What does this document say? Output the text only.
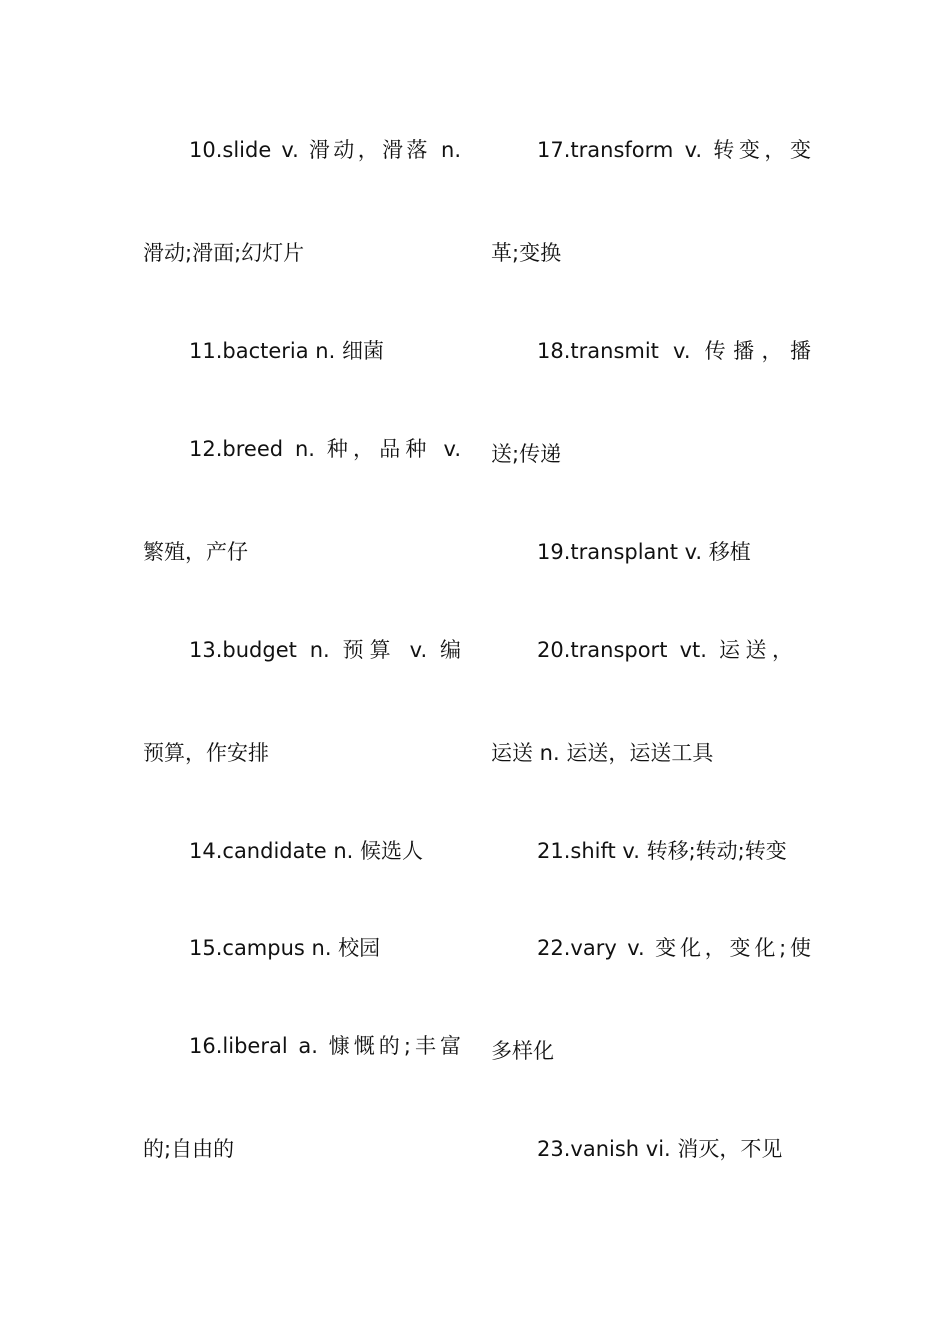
10.slide v. 滑动，滑落 n.
滑动;滑面;幻灯片
11.bacteria n. 细菌
12.breed n. 种，品种 v.
繁殖，产仔
13.budget n. 预算 v. 编
预算，作安排
14.candidate n. 候选人
15.campus n. 校园
16.liberal a. 慷慨的;丰富
的;自由的
17.transform v. 转变，变
革;变换
18.transmit v. 传播，播
送;传递
19.transplant v. 移植
20.transport vt. 运送，
运送 n. 运送，运送工具
21.shift v. 转移;转动;转变
22.vary v. 变化，变化;使
多样化
23.vanish vi. 消灭，不见
